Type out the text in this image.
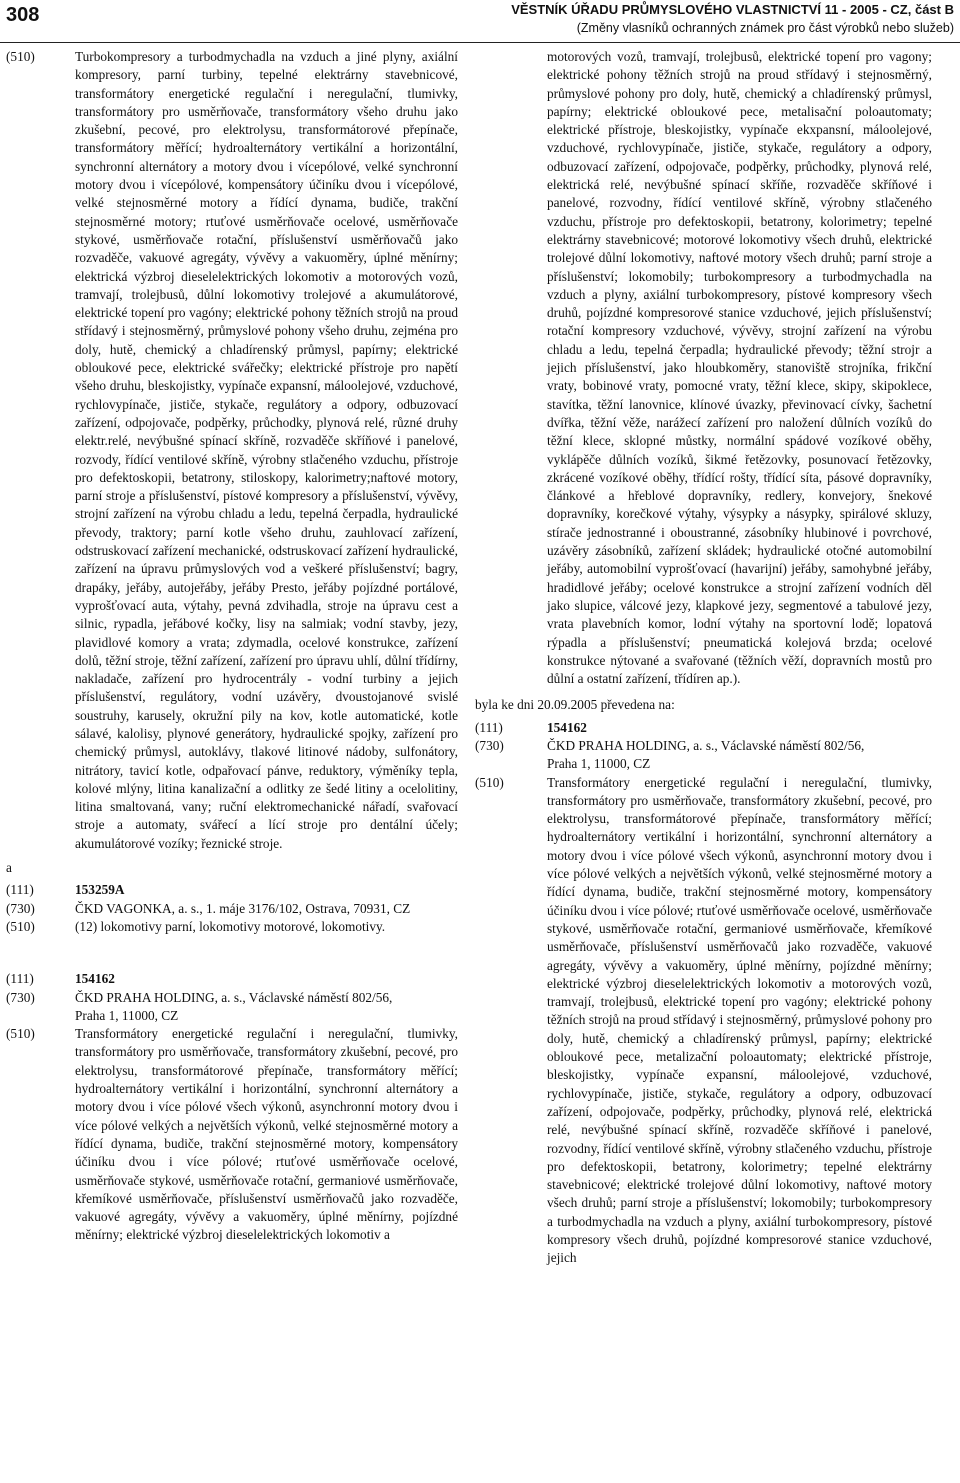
308	VĚSTNÍK ÚŘADU PRŮMYSLOVÉHO VLASTNICTVÍ 11 - 2005 - CZ, část B
(Změny vlasníků ochranných známek pro část výrobků nebo služeb)
(510)	Turbokompresory a turbodmychadla na vzduch a jiné plyny, axiální kompresory, parní turbiny, tepelné elektrárny stavebnicové, transformátory energetické regulační i neregulační, tlumivky, transformátory pro usměrňovače, transformátory všeho druhu jako zkušební, pecové, pro elektrolysu, transformátorové přepínače, transformátory měřící; hydroalternátory vertikální a horizontální, synchronní alternátory a motory dvou i vícepólové, velké synchronní motory dvou i vícepólové, kompensátory účiníku dvou i vícepólové, velké stejnosměrné motory a řídící dynama, budiče, trakční stejnosměrné motory; rtuťové usměrňovače ocelové, usměrňovače stykové, usměrňovače rotační, příslušenství usměrňovačů jako rozvaděče, vakuové agregáty, vývěvy a vakuoměry, úplné měnírny; elektrická výzbroj dieselelektrických lokomotiv a motorových vozů, tramvají, trolejbusů, důlní lokomotivy trolejové a akumulátorové, elektrické topení pro vagóny; elektrické pohony těžních strojů na proud střídavý i stejnosměrný, průmyslové pohony všeho druhu, zejména pro doly, hutě, chemický a chladírenský průmysl, papírny; elektrické obloukové pece, elektrické svářečky; elektrické přístroje pro napětí všeho druhu, bleskojistky, vypínače expansní, máloolejové, vzduchové, rychlovypínače, jističe, stykače, regulátory a odpory, odbuzovací zařízení, odpojovače, podpěrky, průchodky, plynová relé, různé druhy elektr.relé, nevýbušné spínací skříně, rozvaděče skříňové i panelové, rozvody, řídící ventilové skříně, výrobny stlačeného vzduchu, přístroje pro defektoskopii, betatrony, stiloskopy, kalorimetry;naftové motory, parní stroje a příslušenství, pístové kompresory a příslušenství, vývěvy, strojní zařízení na výrobu chladu a ledu, tepelná čerpadla, hydraulické převody, traktory; parní kotle všeho druhu, zauhlovací zařízení, odstruskovací zařízení mechanické, odstruskovací zařízení hydraulické, zařízení na úpravu průmyslových vod a veškeré příslušenství; bagry, drapáky, jeřáby, autojeřáby, jeřáby Presto, jeřáby pojízdné portálové, vyprošťovací auta, výtahy, pevná zdvihadla, stroje na úpravu cest a silnic, rypadla, jeřábové kočky, lisy na salmiak; vodní stavby, jezy, plavidlové komory a vrata; zdymadla, ocelové konstrukce, zařízení dolů, těžní stroje, těžní zařízení, zařízení pro úpravu uhlí, důlní třídírny, nakladače, zařízení pro hydrocentrály - vodní turbiny a jejich příslušenství, regulátory, vodní uzávěry, dvoustojanové svislé soustruhy, karusely, okružní pily na kov, kotle automatické, kotle sálavé, kalolisy, plynové generátory, hydraulické spojky, zařízení pro chemický průmysl, autoklávy, tlakové litinové nádoby, sulfonátory, nitrátory, tavicí kotle, odpařovací pánve, reduktory, výměníky tepla, kolové mlýny, litina kanalizační a odlitky ze šedé litiny a ocelolitiny, litina smaltovaná, vany; ruční elektromechanické nářadí, svařovací stroje a automaty, svářecí a lící stroje pro dentální účely; akumulátorové vozíky; řeznické stroje.
a
(111)	153259A
(730)	ČKD VAGONKA, a. s., 1. máje 3176/102, Ostrava, 70931, CZ
(510)	(12) lokomotivy parní, lokomotivy motorové, lokomotivy.
(111)	154162
(730)	ČKD PRAHA HOLDING, a. s., Václavské náměstí 802/56,
Praha 1, 11000, CZ
(510)	Transformátory energetické regulační i neregulační, tlumivky, transformátory pro usměrňovače, transformátory zkušební, pecové, pro elektrolysu, transformátorové přepínače, transformátory měřící; hydroalternátory vertikální i horizontální, synchronní alternátory a motory dvou i více pólové všech výkonů, asynchronní motory dvou i více pólové velkých a největších výkonů, velké stejnosměrné motory a řídící dynama, budiče, trakční stejnosměrné motory, kompensátory účiníku dvou i více pólové; rtuťové usměrňovače ocelové, usměrňovače stykové, usměrňovače rotační, germaniové usměrňovače, křemíkové usměrňovače, příslušenství usměrňovačů jako rozvaděče, vakuové agregáty, vývěvy a vakuoměry, úplné měnírny, pojízdné měnírny; elektrické výzbroj dieselelektrických lokomotiv a
motorových vozů, tramvají, trolejbusů, elektrické topení pro vagony; elektrické pohony těžních strojů na proud střídavý i stejnosměrný, průmyslové pohony pro doly, hutě, chemický a chladírenský průmysl, papírny; elektrické obloukové pece, metalisační poloautomaty; elektrické přístroje, bleskojistky, vypínače ekxpansní, máloolejové, vzduchové, rychlovypínače, jističe, stykače, regulátory a odpory, odbuzovací zařízení, odpojovače, podpěrky, průchodky, plynová relé, elektrická relé, nevýbušné spínací skříňe, rozvaděče skříňové i panelové, rozvodny, řídící ventilové skříně, výrobny stlačeného vzduchu, přístroje pro defektoskopii, betatrony, kolorimetry; tepelné elektrárny stavebnicové; motorové lokomotivy všech druhů, elektrické trolejové důlní lokomotivy, naftové motory všech druhů; parní stroje a příslušenství; lokomobily; turbokompresory a turbodmychadla na vzduch a plyny, axiální turbokompresory, pístové kompresory všech druhů, pojízdné kompresorové stanice vzduchové, jejich příslušenství; rotační kompresory vzduchové, vývěvy, strojní zařízení na výrobu chladu a ledu, tepelná čerpadla; hydraulické převody; těžní strojr a jejich příslušenství, jako hloubkoměry, stanoviště strojníka, frikční vraty, bobinové vraty, pomocné vraty, těžní klece, skipy, skipoklece, stavítka, těžní lanovnice, klínové úvazky, převinovací cívky, šachetní dvířka, těžní věže, narážecí zařízení pro naložení důlních vozíků do těžní klece, sklopné můstky, normální spádové vozíkové oběhy, vyklápěče důlních vozíků, šikmé řetězovky, posunovací řetězovky, zkrácené vozíkové oběhy, třídící rošty, třídící síta, pásové dopravníky, článkové a hřeblové dopravníky, redlery, konvejory, šnekové dopravníky, korečkové výtahy, výsypky a násypky, spirálové skluzy, stírače jednostranné i oboustranné, zásobníky hlubinové i povrchové, uzávěry zásobníků, zařízení skládek; hydraulické otočné automobilní jeřáby, automobilní vyprošťovací (havarijní) jeřáby, samohybné jeřáby, hradidlové jeřáby; ocelové konstrukce a strojní zařízení vodních děl jako slupice, válcové jezy, klapkové jezy, segmentové a tabulové jezy, vrata plavebních komor, lodní výtahy na sportovní lodě; lopatová rýpadla a příslušenství; pneumatická kolejová brzda; ocelové konstrukce nýtované a svařované (těžních věží, dopravních mostů pro důlní a ostatní zařízení, třídíren ap.).
byla ke dni 20.09.2005 převedena na:
(111)	154162
(730)	ČKD PRAHA HOLDING, a. s., Václavské náměstí 802/56,
Praha 1, 11000, CZ
(510)	Transformátory energetické regulační i neregulační, tlumivky, transformátory pro usměrňovače, transformátory zkušební, pecové, pro elektrolysu, transformátorové přepínače, transformátory měřící; hydroalternátory vertikální i horizontální, synchronní alternátory a motory dvou i více pólové všech výkonů, asynchronní motory dvou i více pólové velkých a největších výkonů, velké stejnosměrné motory a řídící dynama, budiče, trakční stejnosměrné motory, kompensátory účiníku dvou i více pólové; rtuťové usměrňovače ocelové, usměrňovače stykové, usměrňovače rotační, germaniové usměrňovače, křemíkové usměrňovače, příslušenství usměrňovačů jako rozvaděče, vakuové agregáty, vývěvy a vakuoměry, úplné měnírny, pojízdné měnírny; elektrické výzbroj dieselelektrických lokomotiv a motorových vozů, tramvají, trolejbusů, elektrické topení pro vagóny; elektrické pohony těžních strojů na proud střídavý i stejnosměrný, průmyslové pohony pro doly, hutě, chemický a chladírenský průmysl, papírny; elektrické obloukové pece, metalizační poloautomaty; elektrické přístroje, bleskojistky, vypínače expansní, máloolejové, vzduchové, rychlovypínače, jističe, stykače, regulátory a odpory, odbuzovací zařízení, odpojovače, podpěrky, průchodky, plynová relé, elektrická relé, nevýbušné spínací skříně, rozvaděče skříňové i panelové, rozvodny, řídící ventilové skříně, výrobny stlačeného vzduchu, přístroje pro defektoskopii, betatrony, kolorimetry; tepelné elektrárny stavebnicové; elektrické trolejové důlní lokomotivy, naftové motory všech druhů; parní stroje a příslušenství; lokomobily; turbokompresory a turbodmychadla na vzduch a plyny, axiální turbokompresory, pístové kompresory všech druhů, pojízdné kompresorové stanice vzduchové, jejich
